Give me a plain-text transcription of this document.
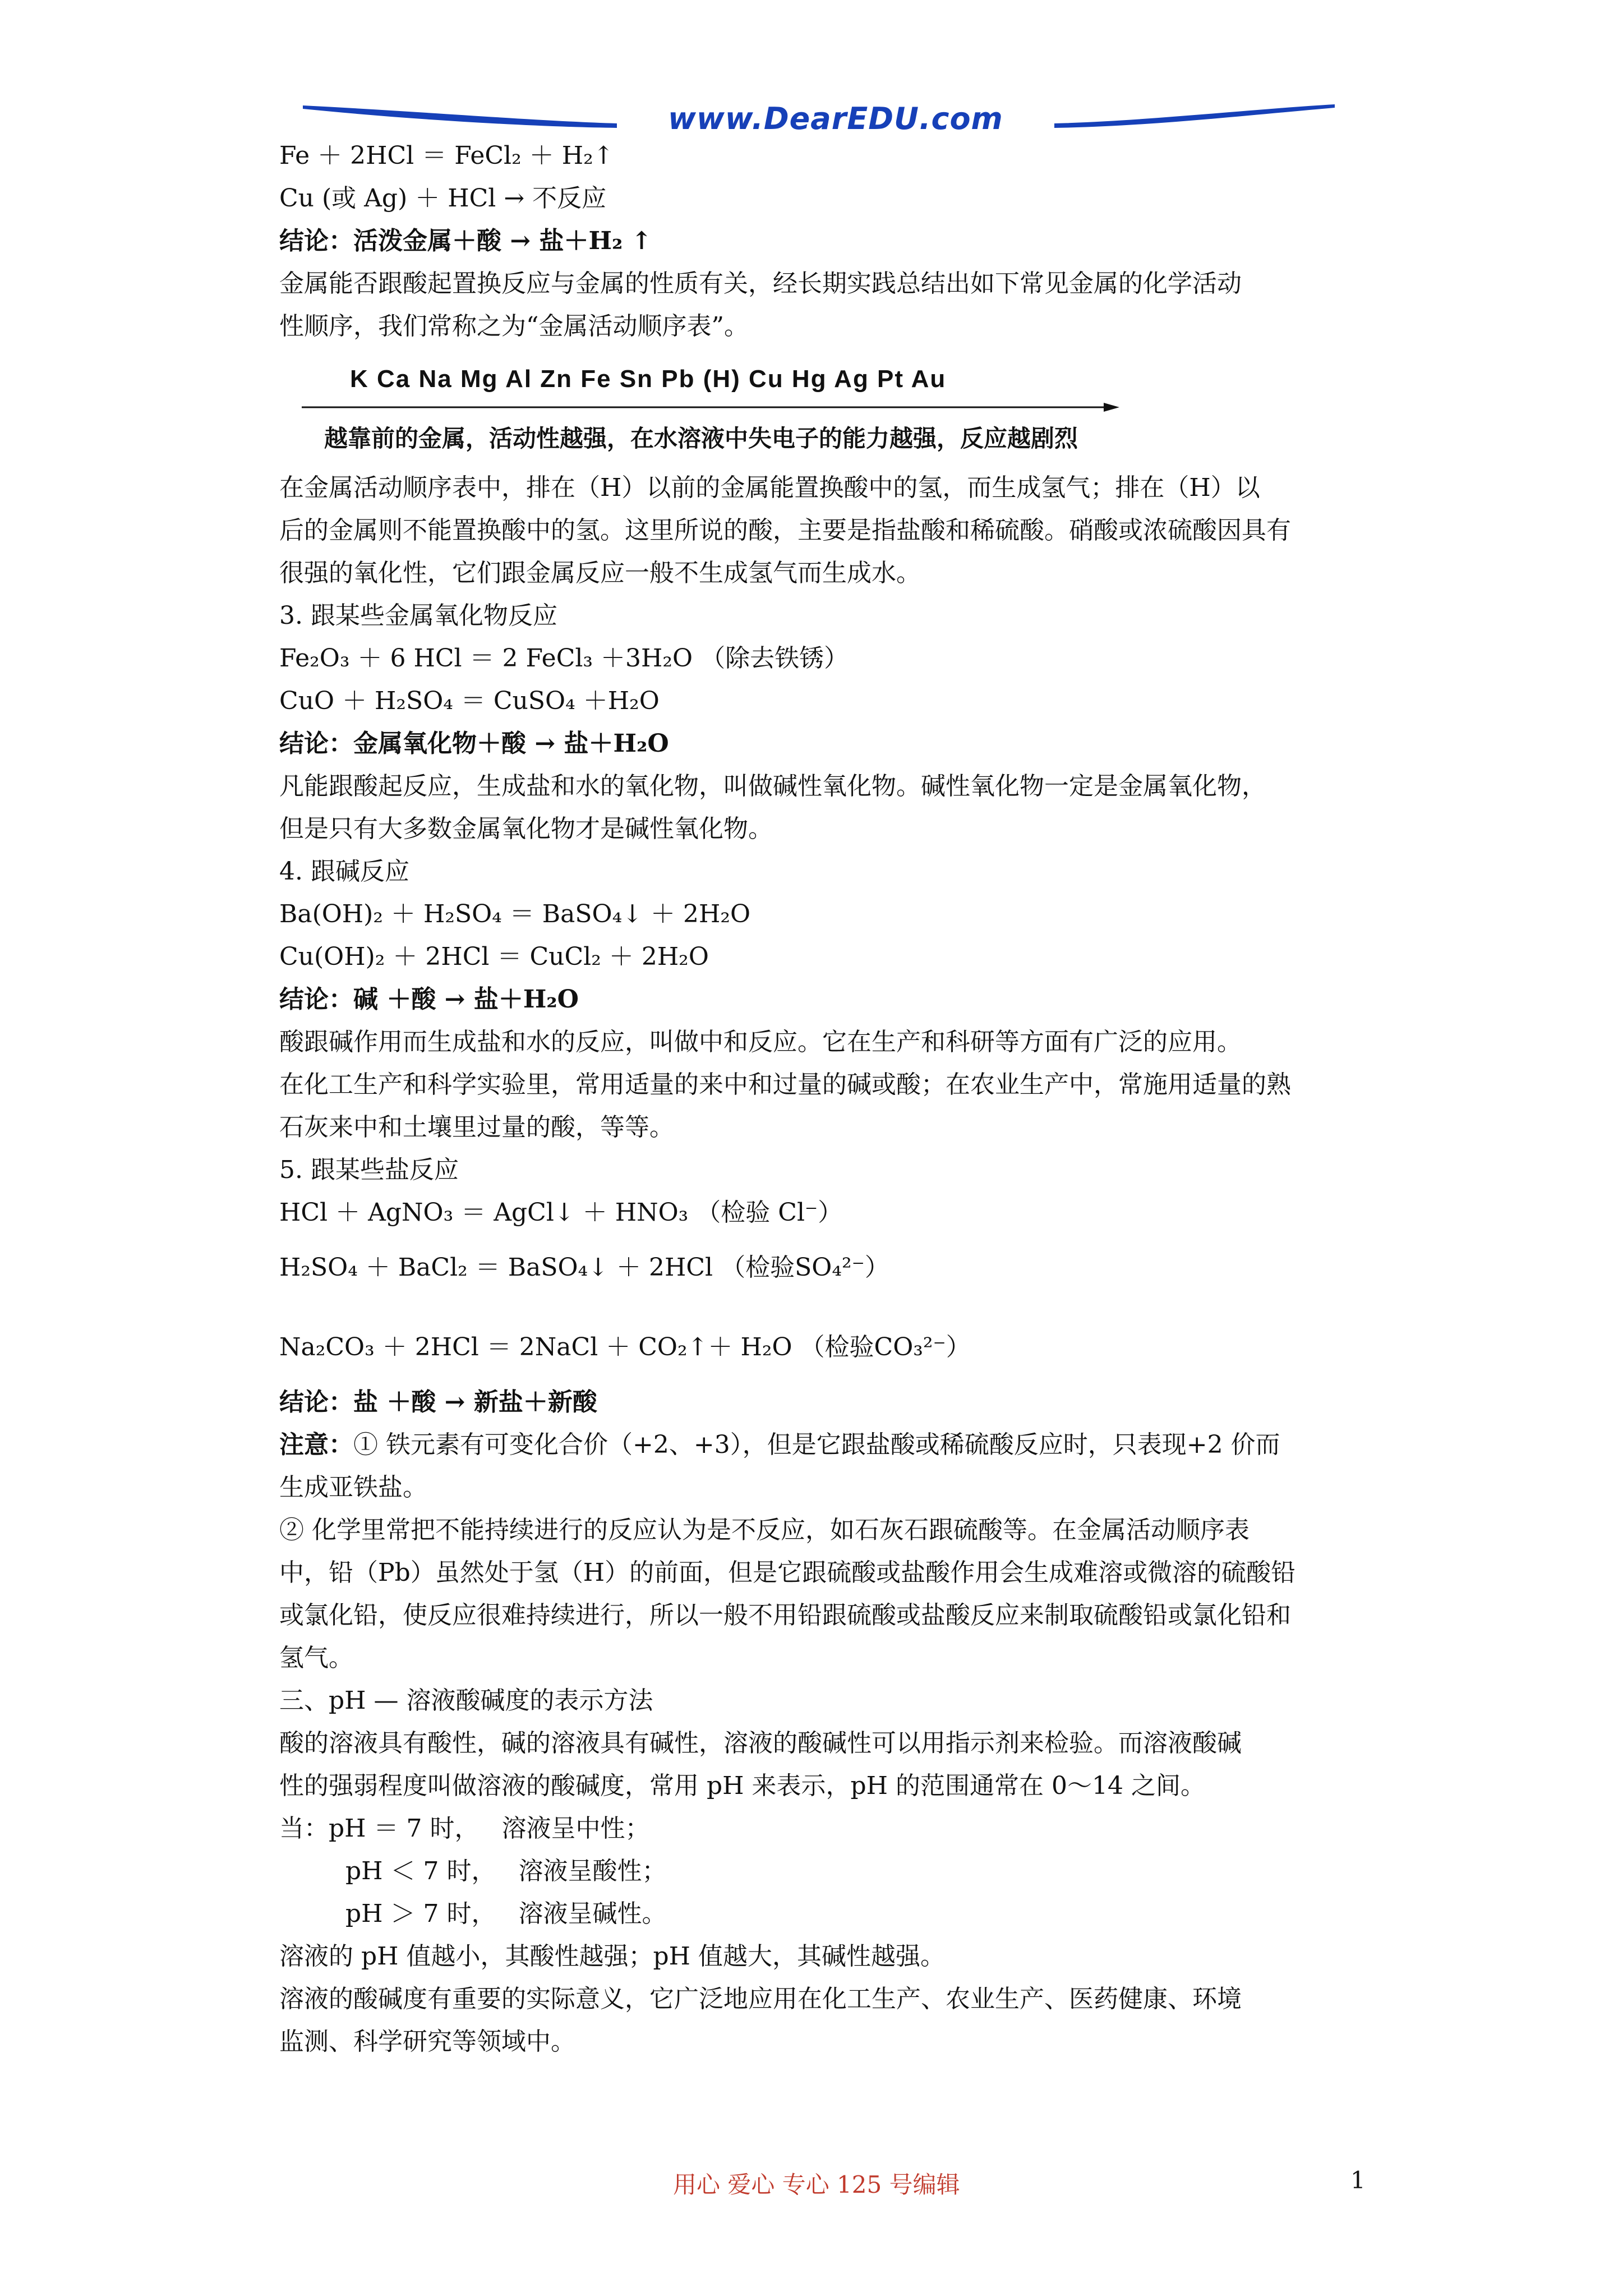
www.DearEDU.com
Fe ＋ 2HCl ＝ FeCl₂ ＋ H₂↑
Cu (或 Ag) ＋ HCl → 不反应
结论：活泼金属＋酸 → 盐＋H₂ ↑
金属能否跟酸起置换反应与金属的性质有关，经长期实践总结出如下常见金属的化学活动
性顺序，我们常称之为“金属活动顺序表”。
K Ca Na Mg Al Zn Fe Sn Pb (H) Cu Hg Ag Pt Au
越靠前的金属，活动性越强，在水溶液中失电子的能力越强，反应越剧烈
在金属活动顺序表中，排在（H）以前的金属能置换酸中的氢，而生成氢气；排在（H）以
后的金属则不能置换酸中的氢。这里所说的酸，主要是指盐酸和稀硫酸。硝酸或浓硫酸因具有
很强的氧化性，它们跟金属反应一般不生成氢气而生成水。
3. 跟某些金属氧化物反应
Fe₂O₃ ＋ 6 HCl ＝ 2 FeCl₃ ＋3H₂O （除去铁锈）
CuO ＋ H₂SO₄ ＝ CuSO₄ ＋H₂O
结论：金属氧化物＋酸 → 盐＋H₂O
凡能跟酸起反应，生成盐和水的氧化物，叫做碱性氧化物。碱性氧化物一定是金属氧化物，
但是只有大多数金属氧化物才是碱性氧化物。
4. 跟碱反应
Ba(OH)₂ ＋ H₂SO₄ ＝ BaSO₄↓ ＋ 2H₂O
Cu(OH)₂ ＋ 2HCl ＝ CuCl₂ ＋ 2H₂O
结论：碱 ＋酸 → 盐＋H₂O
酸跟碱作用而生成盐和水的反应，叫做中和反应。它在生产和科研等方面有广泛的应用。
在化工生产和科学实验里，常用适量的来中和过量的碱或酸；在农业生产中，常施用适量的熟
石灰来中和土壤里过量的酸，等等。
5. 跟某些盐反应
HCl ＋ AgNO₃ ＝ AgCl↓ ＋ HNO₃ （检验 Cl⁻）
H₂SO₄ ＋ BaCl₂ ＝ BaSO₄↓ ＋ 2HCl （检验SO₄²⁻）
Na₂CO₃ ＋ 2HCl ＝ 2NaCl ＋ CO₂↑＋ H₂O （检验CO₃²⁻）
结论：盐 ＋酸 → 新盐＋新酸
注意：① 铁元素有可变化合价（+2、+3），但是它跟盐酸或稀硫酸反应时，只表现+2 价而
生成亚铁盐。
② 化学里常把不能持续进行的反应认为是不反应，如石灰石跟硫酸等。在金属活动顺序表
中，铅（Pb）虽然处于氢（H）的前面，但是它跟硫酸或盐酸作用会生成难溶或微溶的硫酸铅
或氯化铅，使反应很难持续进行，所以一般不用铅跟硫酸或盐酸反应来制取硫酸铅或氯化铅和
氢气。
三、pH — 溶液酸碱度的表示方法
酸的溶液具有酸性，碱的溶液具有碱性，溶液的酸碱性可以用指示剂来检验。而溶液酸碱
性的强弱程度叫做溶液的酸碱度，常用 pH 来表示，pH 的范围通常在 0～14 之间。
当：pH ＝ 7 时， 溶液呈中性；
pH ＜ 7 时， 溶液呈酸性；
pH ＞ 7 时， 溶液呈碱性。
溶液的 pH 值越小，其酸性越强；pH 值越大，其碱性越强。
溶液的酸碱度有重要的实际意义，它广泛地应用在化工生产、农业生产、医药健康、环境
监测、科学研究等领域中。
用心 爱心 专心 125 号编辑	1
